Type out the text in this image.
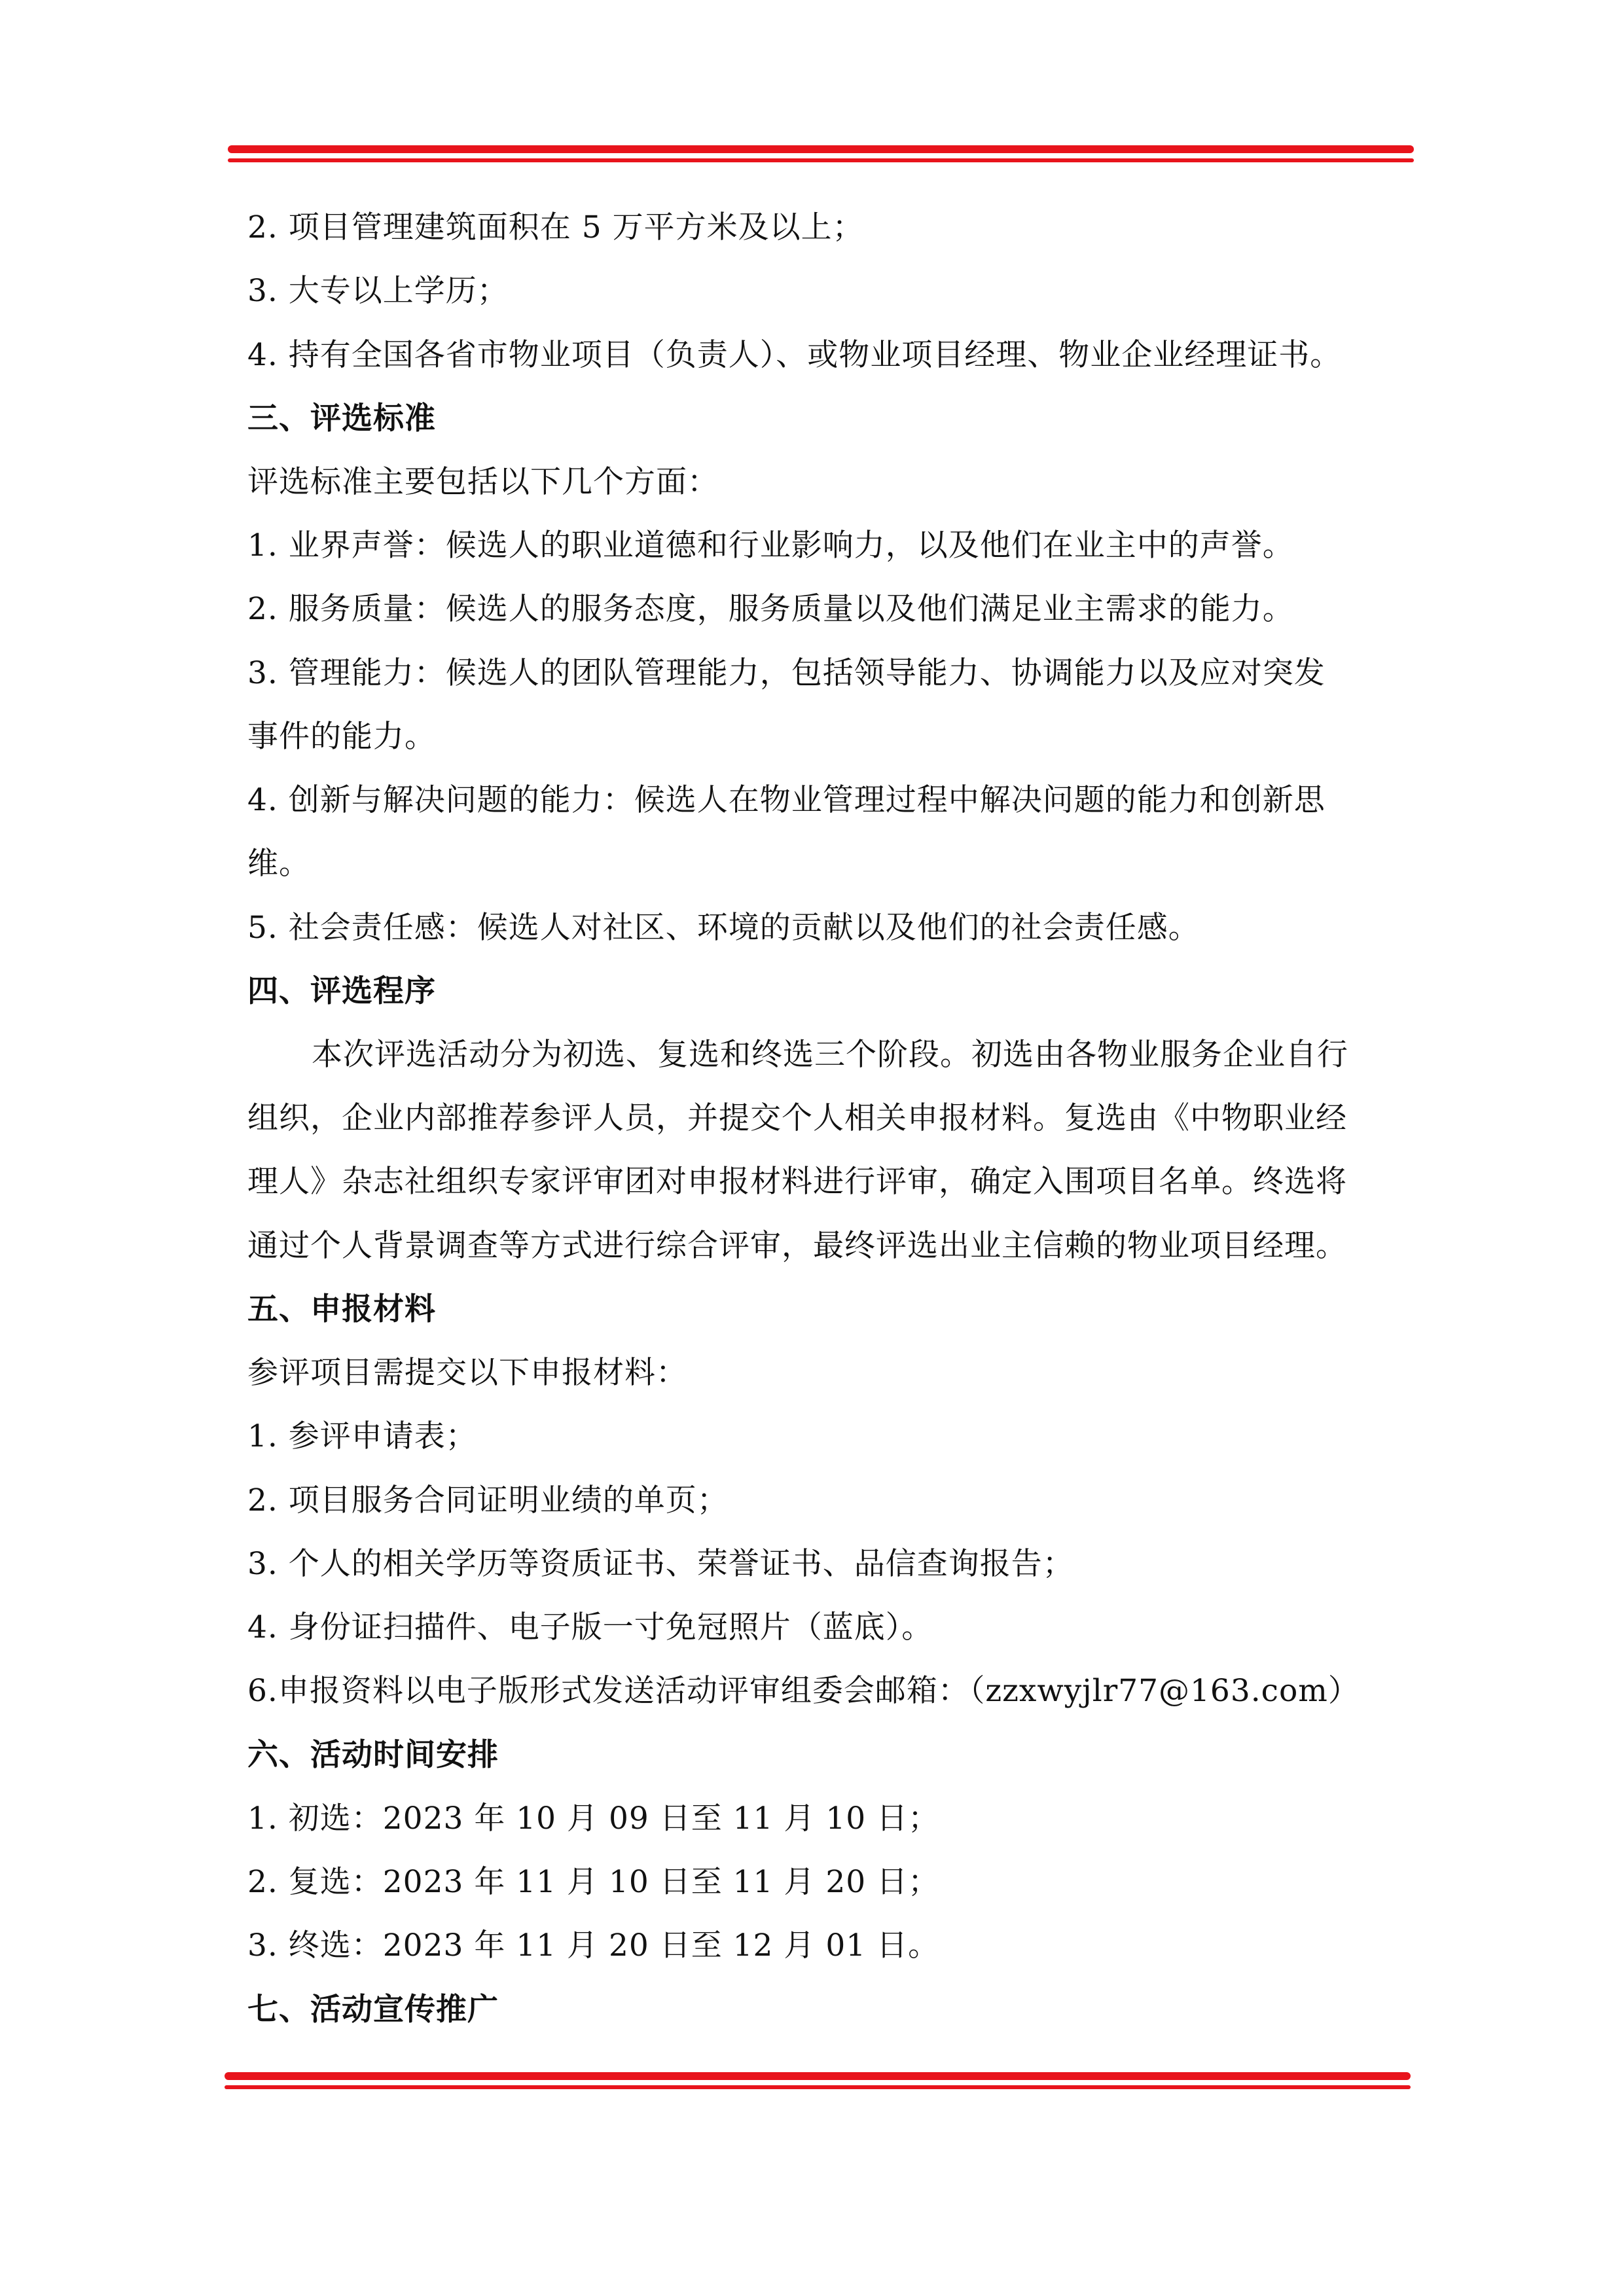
2. 项目管理建筑面积在 5 万平方米及以上；
3. 大专以上学历；
4. 持有全国各省市物业项目（负责人）、或物业项目经理、物业企业经理证书。
三、评选标准
评选标准主要包括以下几个方面：
1. 业界声誉：候选人的职业道德和行业影响力，以及他们在业主中的声誉。
2. 服务质量：候选人的服务态度，服务质量以及他们满足业主需求的能力。
3. 管理能力：候选人的团队管理能力，包括领导能力、协调能力以及应对突发
事件的能力。
4. 创新与解决问题的能力：候选人在物业管理过程中解决问题的能力和创新思
维。
5. 社会责任感：候选人对社区、环境的贡献以及他们的社会责任感。
四、评选程序
本次评选活动分为初选、复选和终选三个阶段。初选由各物业服务企业自行
组织，企业内部推荐参评人员，并提交个人相关申报材料。复选由《中物职业经
理人》杂志社组织专家评审团对申报材料进行评审，确定入围项目名单。终选将
通过个人背景调查等方式进行综合评审，最终评选出业主信赖的物业项目经理。
五、申报材料
参评项目需提交以下申报材料：
1. 参评申请表；
2. 项目服务合同证明业绩的单页；
3. 个人的相关学历等资质证书、荣誉证书、品信查询报告；
4. 身份证扫描件、电子版一寸免冠照片（蓝底）。
6.申报资料以电子版形式发送活动评审组委会邮箱：（zzxwyjlr77@163.com）
六、活动时间安排
1. 初选：2023 年 10 月 09 日至 11 月 10 日；
2. 复选：2023 年 11 月 10 日至 11 月 20 日；
3. 终选：2023 年 11 月 20 日至 12 月 01 日。
七、活动宣传推广
